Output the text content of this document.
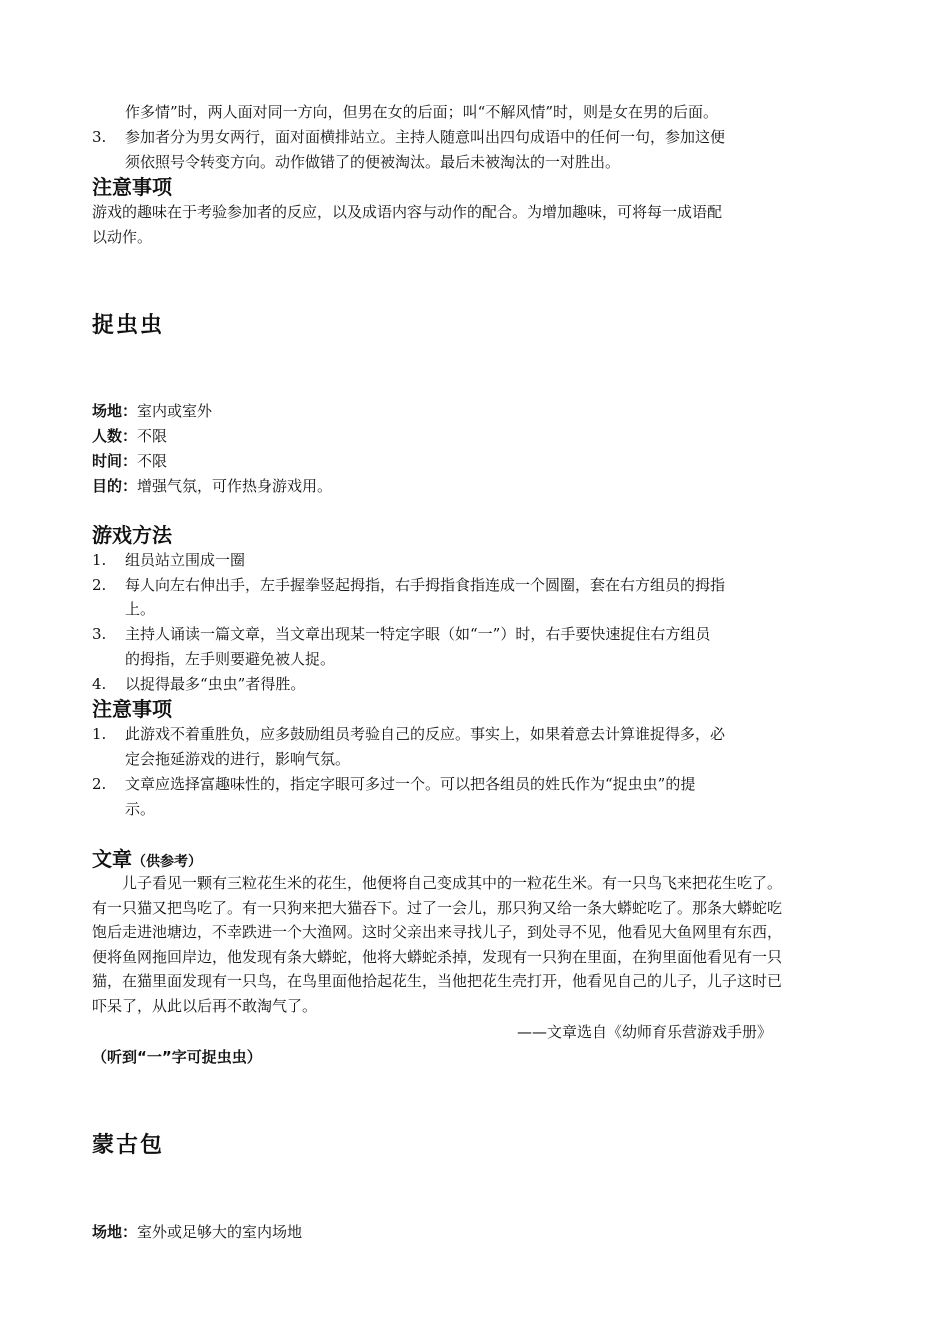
作多情”时，两人面对同一方向，但男在女的后面；叫“不解风情”时，则是女在男的后面。
3. 参加者分为男女两行，面对面横排站立。主持人随意叫出四句成语中的任何一句，参加这便
须依照号令转变方向。动作做错了的便被淘汰。最后未被淘汰的一对胜出。
注意事项
游戏的趣味在于考验参加者的反应，以及成语内容与动作的配合。为增加趣味，可将每一成语配
以动作。
捉虫虫
场地：室内或室外
人数：不限
时间：不限
目的：增强气氛，可作热身游戏用。
游戏方法
1. 组员站立围成一圈
2. 每人向左右伸出手，左手握拳竖起拇指，右手拇指食指连成一个圆圈，套在右方组员的拇指
上。
3. 主持人诵读一篇文章，当文章出现某一特定字眼（如“一”）时，右手要快速捉住右方组员
的拇指，左手则要避免被人捉。
4. 以捉得最多“虫虫”者得胜。
注意事项
1. 此游戏不着重胜负，应多鼓励组员考验自己的反应。事实上，如果着意去计算谁捉得多，必
定会拖延游戏的进行，影响气氛。
2. 文章应选择富趣味性的，指定字眼可多过一个。可以把各组员的姓氏作为“捉虫虫”的提
示。
文章（供参考）
儿子看见一颗有三粒花生米的花生，他便将自己变成其中的一粒花生米。有一只鸟飞来把花生吃了。有一只猫又把鸟吃了。有一只狗来把大猫吞下。过了一会儿，那只狗又给一条大蟒蛇吃了。那条大蟒蛇吃饱后走进池塘边，不幸跌进一个大渔网。这时父亲出来寻找儿子，到处寻不见，他看见大鱼网里有东西，便将鱼网拖回岸边，他发现有条大蟒蛇，他将大蟒蛇杀掉，发现有一只狗在里面，在狗里面他看见有一只猫，在猫里面发现有一只鸟，在鸟里面他拾起花生，当他把花生壳打开，他看见自己的儿子，儿子这时已吓呆了，从此以后再不敢淘气了。
——文章选自《幼师育乐营游戏手册》
（听到“一”字可捉虫虫）
蒙古包
场地：室外或足够大的室内场地
